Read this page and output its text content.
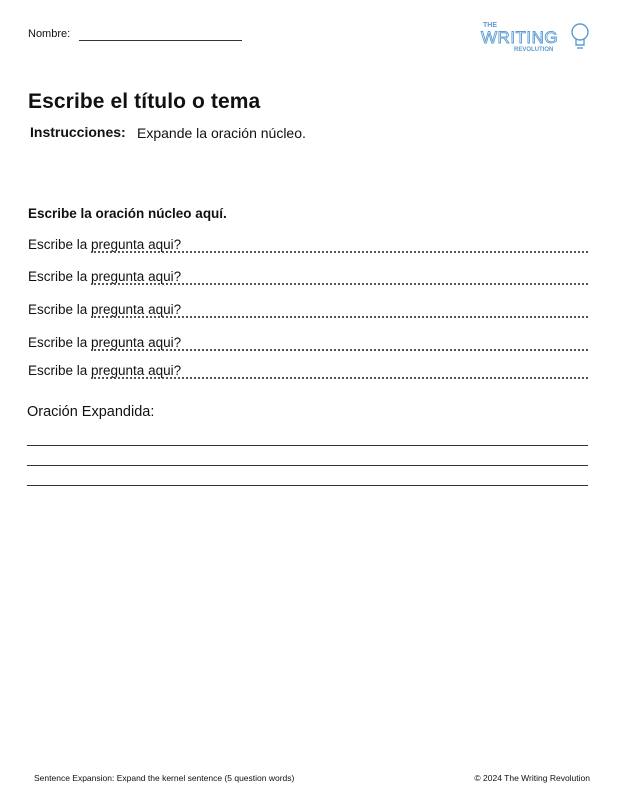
Nombre:
THE
WRITING
REVOLUTION
Escribe el título o tema
Instrucciones: Expande la oración núcleo.
Escribe la oración núcleo aquí.
Escribe la pregunta aqui?
Escribe la pregunta aqui?
Escribe la pregunta aqui?
Escribe la pregunta aqui?
Escribe la pregunta aqui?
Oración Expandida:
Sentence Expansion: Expand the kernel sentence (5 question words)	© 2024 The Writing Revolution
